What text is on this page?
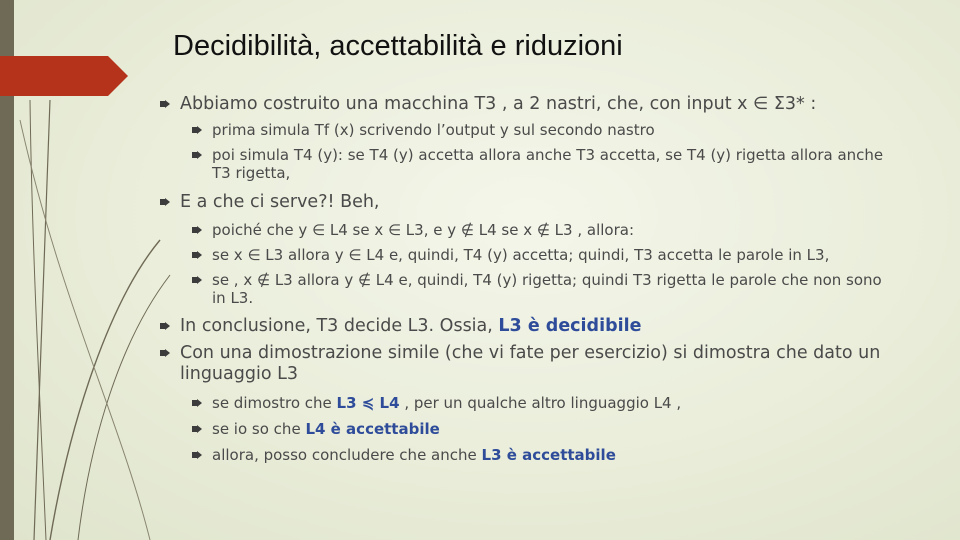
Decidibilità, accettabilità e riduzioni

Abbiamo costruito una macchina T3 , a 2 nastri, che, con input x ∈ Σ3* :

prima simula Tf (x) scrivendo l’output y sul secondo nastro

poi simula T4 (y): se T4 (y) accetta allora anche T3 accetta, se T4 (y) rigetta allora anche T3 rigetta,

E a che ci serve?! Beh,

poiché che y ∈ L4 se x ∈ L3, e y ∉ L4 se x ∉ L3 , allora:

se x ∈ L3 allora y ∈ L4 e, quindi, T4 (y) accetta; quindi, T3 accetta le parole in L3,

se , x ∉ L3 allora y ∉ L4 e, quindi, T4 (y) rigetta; quindi T3 rigetta le parole che non sono in L3.

In conclusione, T3 decide L3. Ossia, L3 è decidibile

Con una dimostrazione simile (che vi fate per esercizio) si dimostra che dato un linguaggio L3

se dimostro che L3 ≼ L4 , per un qualche altro linguaggio L4 ,

se io so che L4 è accettabile

allora, posso concludere che anche L3 è accettabile
